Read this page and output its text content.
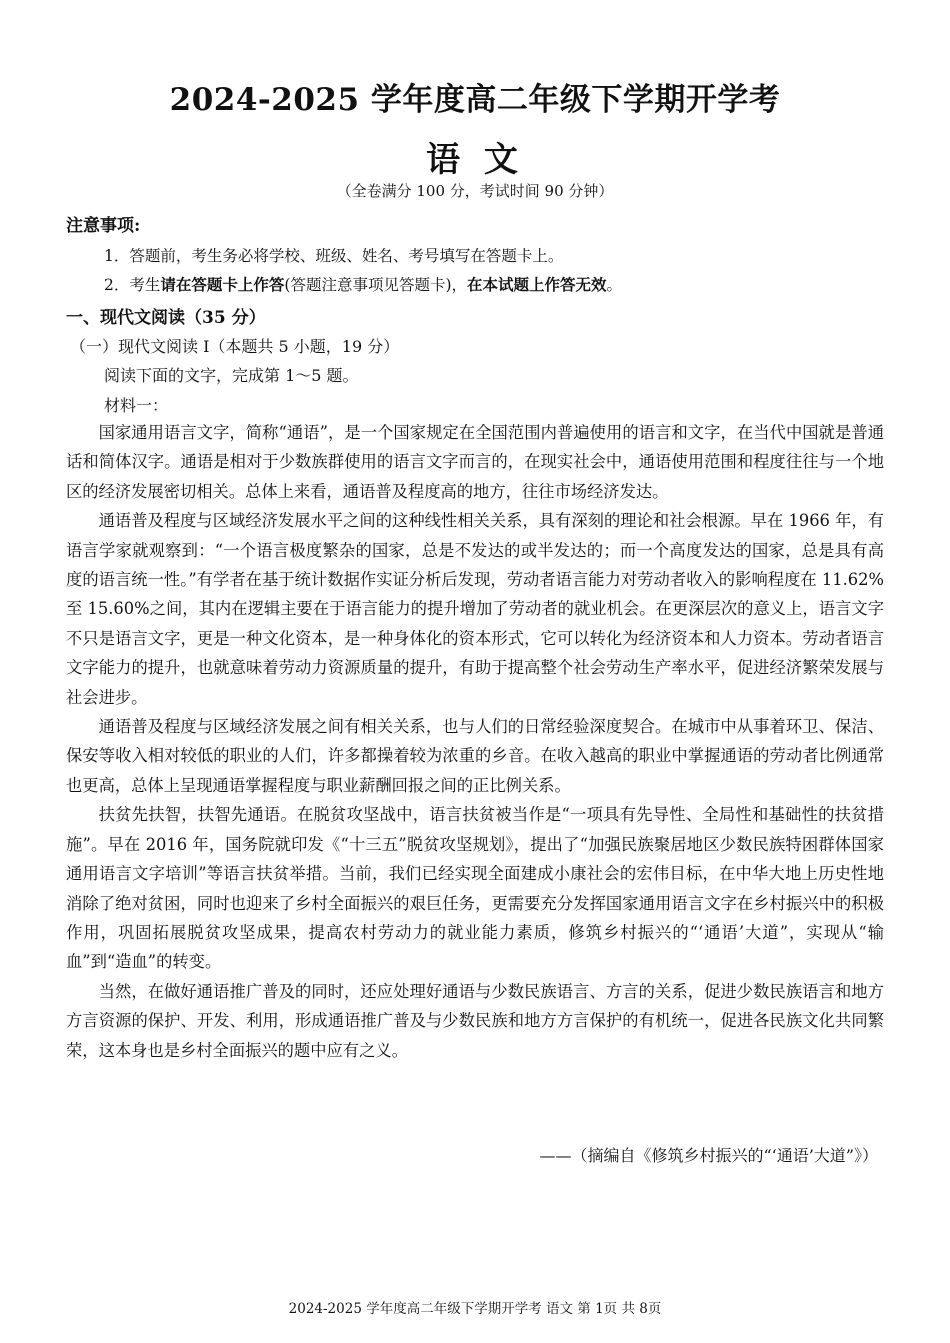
2024-2025 学年度高二年级下学期开学考
语 文
（全卷满分 100 分，考试时间 90 分钟）
注意事项:
1．答题前，考生务必将学校、班级、姓名、考号填写在答题卡上。
2．考生请在答题卡上作答(答题注意事项见答题卡)，在本试题上作答无效。
一、现代文阅读（35 分）
（一）现代文阅读 I（本题共 5 小题，19 分）
阅读下面的文字，完成第 1～5 题。
材料一：

国家通用语言文字，简称“通语”，是一个国家规定在全国范围内普遍使用的语言和文字，在当代中国就是普通话和简体汉字。通语是相对于少数族群使用的语言文字而言的，在现实社会中，通语使用范围和程度往往与一个地区的经济发展密切相关。总体上来看，通语普及程度高的地方，往往市场经济发达。

通语普及程度与区域经济发展水平之间的这种线性相关关系，具有深刻的理论和社会根源。早在 1966 年，有语言学家就观察到：“一个语言极度繁杂的国家，总是不发达的或半发达的；而一个高度发达的国家，总是具有高度的语言统一性。”有学者在基于统计数据作实证分析后发现，劳动者语言能力对劳动者收入的影响程度在 11.62%至 15.60%之间，其内在逻辑主要在于语言能力的提升增加了劳动者的就业机会。在更深层次的意义上，语言文字不只是语言文字，更是一种文化资本，是一种身体化的资本形式，它可以转化为经济资本和人力资本。劳动者语言文字能力的提升，也就意味着劳动力资源质量的提升，有助于提高整个社会劳动生产率水平，促进经济繁荣发展与社会进步。

通语普及程度与区域经济发展之间有相关关系，也与人们的日常经验深度契合。在城市中从事着环卫、保洁、保安等收入相对较低的职业的人们，许多都操着较为浓重的乡音。在收入越高的职业中掌握通语的劳动者比例通常也更高，总体上呈现通语掌握程度与职业薪酬回报之间的正比例关系。

扶贫先扶智，扶智先通语。在脱贫攻坚战中，语言扶贫被当作是“一项具有先导性、全局性和基础性的扶贫措施”。早在 2016 年，国务院就印发《“十三五”脱贫攻坚规划》，提出了“加强民族聚居地区少数民族特困群体国家通用语言文字培训”等语言扶贫举措。当前，我们已经实现全面建成小康社会的宏伟目标，在中华大地上历史性地消除了绝对贫困，同时也迎来了乡村全面振兴的艰巨任务，更需要充分发挥国家通用语言文字在乡村振兴中的积极作用，巩固拓展脱贫攻坚成果，提高农村劳动力的就业能力素质，修筑乡村振兴的“‘通语’大道”，实现从“输血”到“造血”的转变。

当然，在做好通语推广普及的同时，还应处理好通语与少数民族语言、方言的关系，促进少数民族语言和地方方言资源的保护、开发、利用，形成通语推广普及与少数民族和地方方言保护的有机统一，促进各民族文化共同繁荣，这本身也是乡村全面振兴的题中应有之义。

——（摘编自《修筑乡村振兴的“‘通语’大道”》）
2024-2025 学年度高二年级下学期开学考 语文 第 1页 共 8页
